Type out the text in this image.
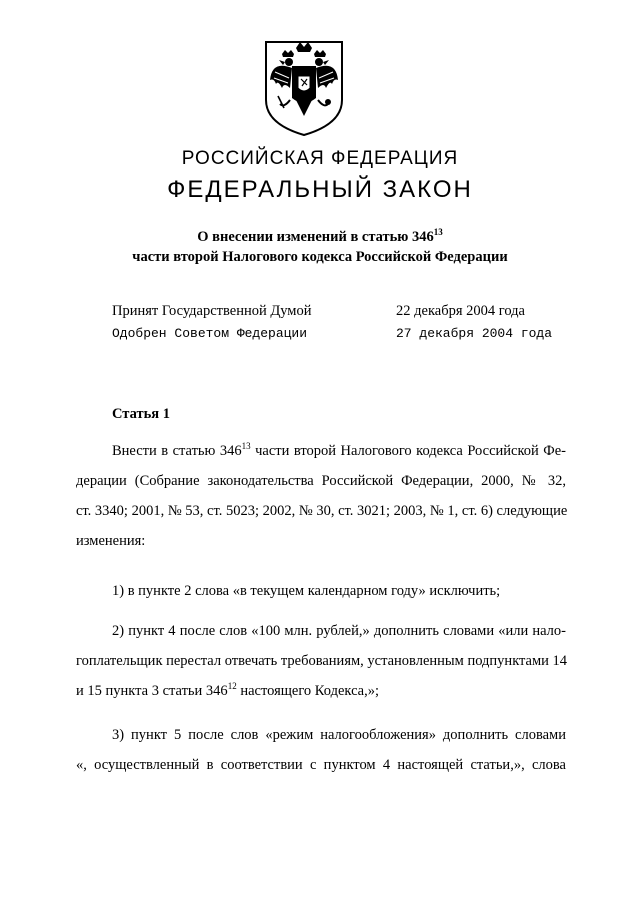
РОССИЙСКАЯ ФЕДЕРАЦИЯ
ФЕДЕРАЛЬНЫЙ ЗАКОН
О внесении изменений в статью $346^{13}$
части второй Налогового кодекса Российской Федерации
Принят Государственной Думой	22 декабря 2004 года
Одобрен Советом Федерации	27 декабря 2004 года
Статья 1
Внести в статью $346^{13}$ части второй Налогового кодекса Российской Фе-
дерации (Собрание законодательства Российской Федерации, 2000, № 32,
ст. 3340; 2001, № 53, ст. 5023; 2002, № 30, ст. 3021; 2003, № 1, ст. 6) следующие
изменения:
1) в пункте 2 слова «в текущем календарном году» исключить;
2) пункт 4 после слов «100 млн. рублей,» дополнить словами «или нало-
гоплательщик перестал отвечать требованиям, установленным подпунктами 14
и 15 пункта 3 статьи $346^{12}$ настоящего Кодекса,»;
3) пункт 5 после слов «режим налогообложения» дополнить словами
«, осуществленный в соответствии с пунктом 4 настоящей статьи,», слова
